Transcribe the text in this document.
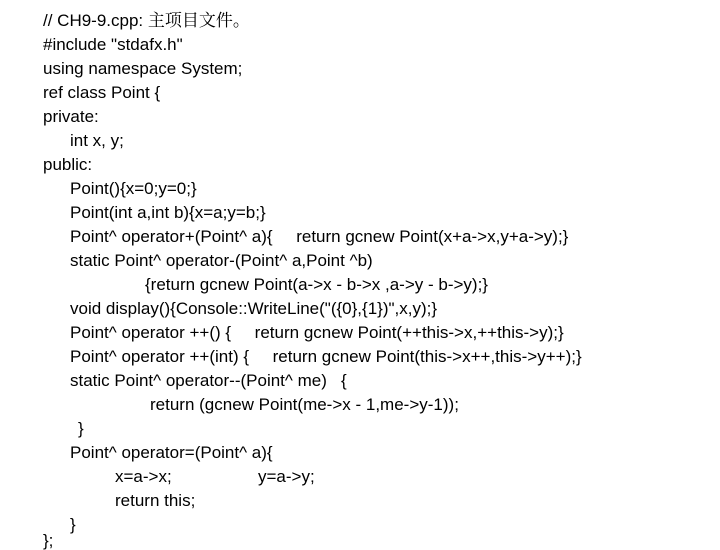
// CH9-9.cpp: 主项目文件。
#include "stdafx.h"
using namespace System;
ref class Point {
private:
int x, y;
public:
Point(){x=0;y=0;}
Point(int a,int b){x=a;y=b;}
Point^ operator+(Point^ a){     return gcnew Point(x+a->x,y+a->y);}
static Point^ operator-(Point^ a,Point ^b)
{return gcnew Point(a->x - b->x ,a->y - b->y);}
void display(){Console::WriteLine("({0},{1})",x,y);}
Point^ operator ++() {     return gcnew Point(++this->x,++this->y);}
Point^ operator ++(int) {     return gcnew Point(this->x++,this->y++);}
static Point^ operator--(Point^ me)   {
return (gcnew Point(me->x - 1,me->y-1));
}
Point^ operator=(Point^ a){
x=a->x;	y=a->y;
return this;
}
};
